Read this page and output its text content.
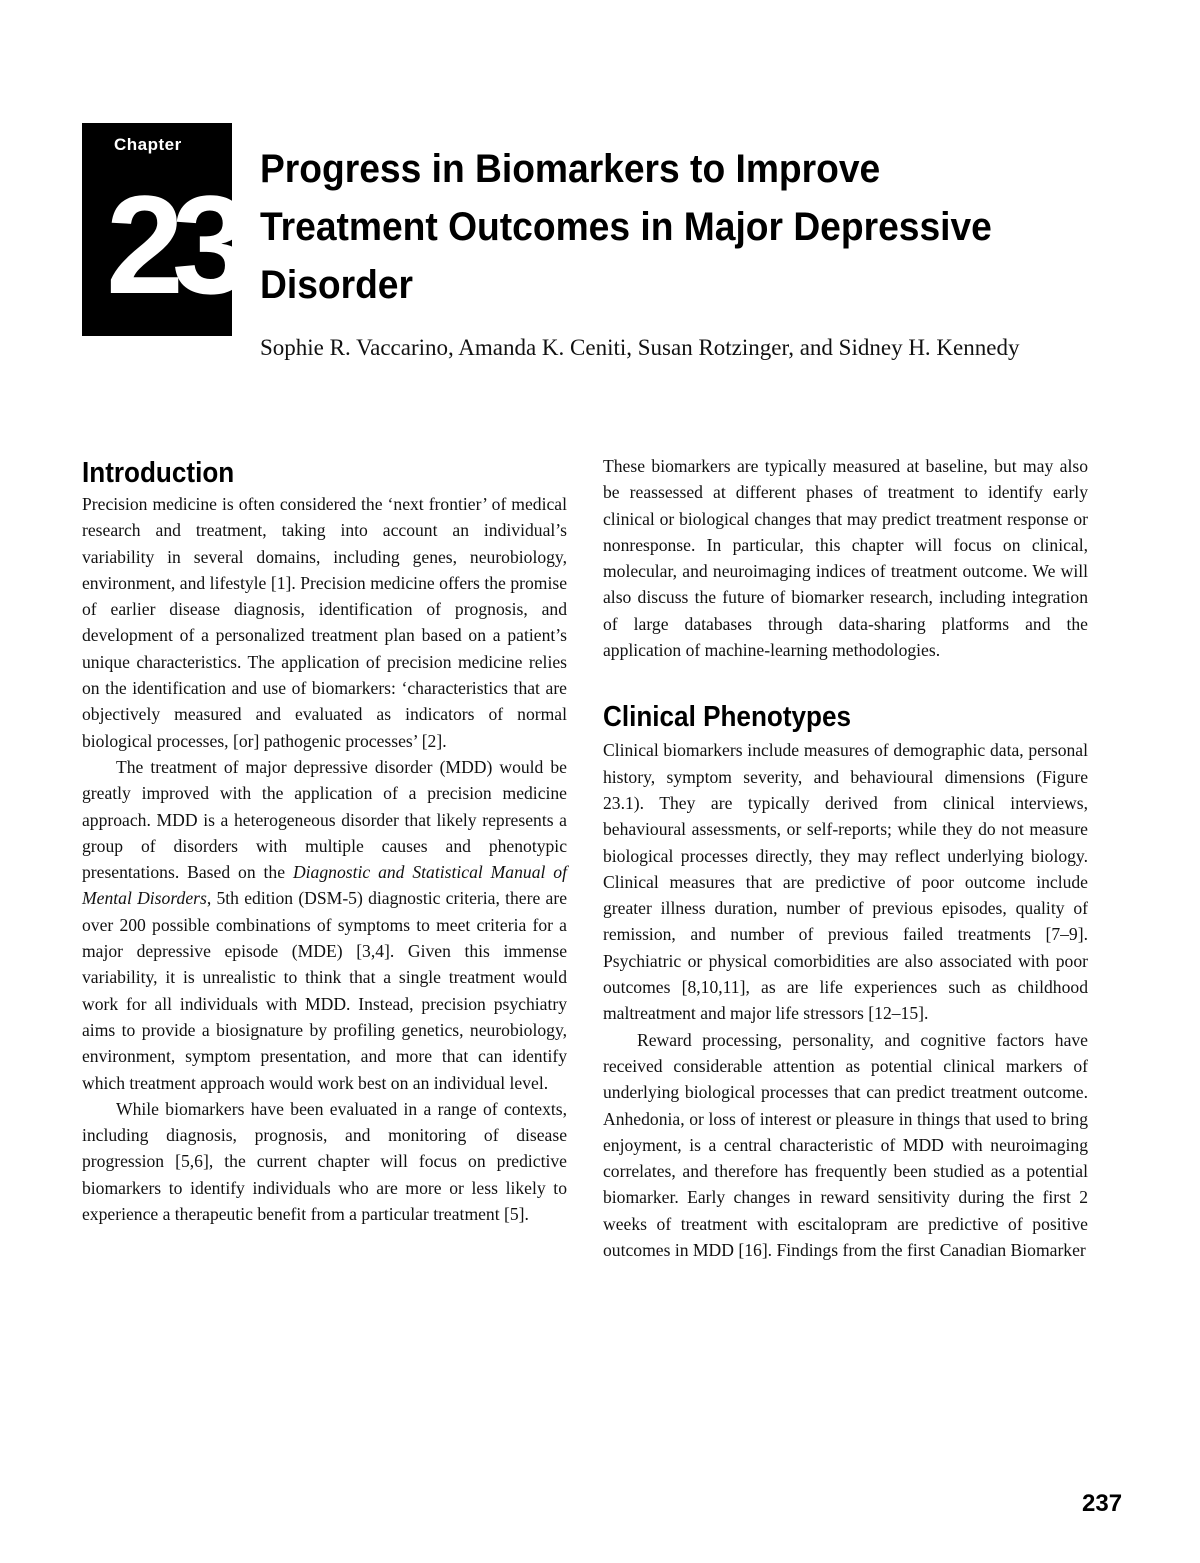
Chapter
23 Progress in Biomarkers to Improve Treatment Outcomes in Major Depressive Disorder
Sophie R. Vaccarino, Amanda K. Ceniti, Susan Rotzinger, and Sidney H. Kennedy
Introduction

Precision medicine is often considered the ‘next frontier’ of medical research and treatment, taking into account an individual’s variability in several domains, including genes, neurobiology, environment, and lifestyle [1]. Precision medicine offers the promise of earlier disease diagnosis, identification of prognosis, and development of a personalized treatment plan based on a patient’s unique characteristics. The application of precision medicine relies on the identification and use of biomarkers: ‘characteristics that are objectively measured and evaluated as indicators of normal biological processes, [or] pathogenic processes’ [2].

The treatment of major depressive disorder (MDD) would be greatly improved with the application of a precision medicine approach. MDD is a heterogeneous disorder that likely represents a group of disorders with multiple causes and phenotypic presentations. Based on the Diagnostic and Statistical Manual of Mental Disorders, 5th edition (DSM-5) diagnostic criteria, there are over 200 possible combinations of symptoms to meet criteria for a major depressive episode (MDE) [3,4]. Given this immense variability, it is unrealistic to think that a single treatment would work for all individuals with MDD. Instead, precision psychiatry aims to provide a biosignature by profiling genetics, neurobiology, environment, symptom presentation, and more that can identify which treatment approach would work best on an individual level.

While biomarkers have been evaluated in a range of contexts, including diagnosis, prognosis, and monitoring of disease progression [5,6], the current chapter will focus on predictive biomarkers to identify individuals who are more or less likely to experience a therapeutic benefit from a particular treatment [5].

These biomarkers are typically measured at baseline, but may also be reassessed at different phases of treatment to identify early clinical or biological changes that may predict treatment response or nonresponse. In particular, this chapter will focus on clinical, molecular, and neuroimaging indices of treatment outcome. We will also discuss the future of biomarker research, including integration of large databases through data-sharing platforms and the application of machine-learning methodologies.

Clinical Phenotypes

Clinical biomarkers include measures of demographic data, personal history, symptom severity, and behavioural dimensions (Figure 23.1). They are typically derived from clinical interviews, behavioural assessments, or self-reports; while they do not measure biological processes directly, they may reflect underlying biology. Clinical measures that are predictive of poor outcome include greater illness duration, number of previous episodes, quality of remission, and number of previous failed treatments [7–9]. Psychiatric or physical comorbidities are also associated with poor outcomes [8,10,11], as are life experiences such as childhood maltreatment and major life stressors [12–15].

Reward processing, personality, and cognitive factors have received considerable attention as potential clinical markers of underlying biological processes that can predict treatment outcome. Anhedonia, or loss of interest or pleasure in things that used to bring enjoyment, is a central characteristic of MDD with neuroimaging correlates, and therefore has frequently been studied as a potential biomarker. Early changes in reward sensitivity during the first 2 weeks of treatment with escitalopram are predictive of positive outcomes in MDD [16]. Findings from the first Canadian Biomarker

237
